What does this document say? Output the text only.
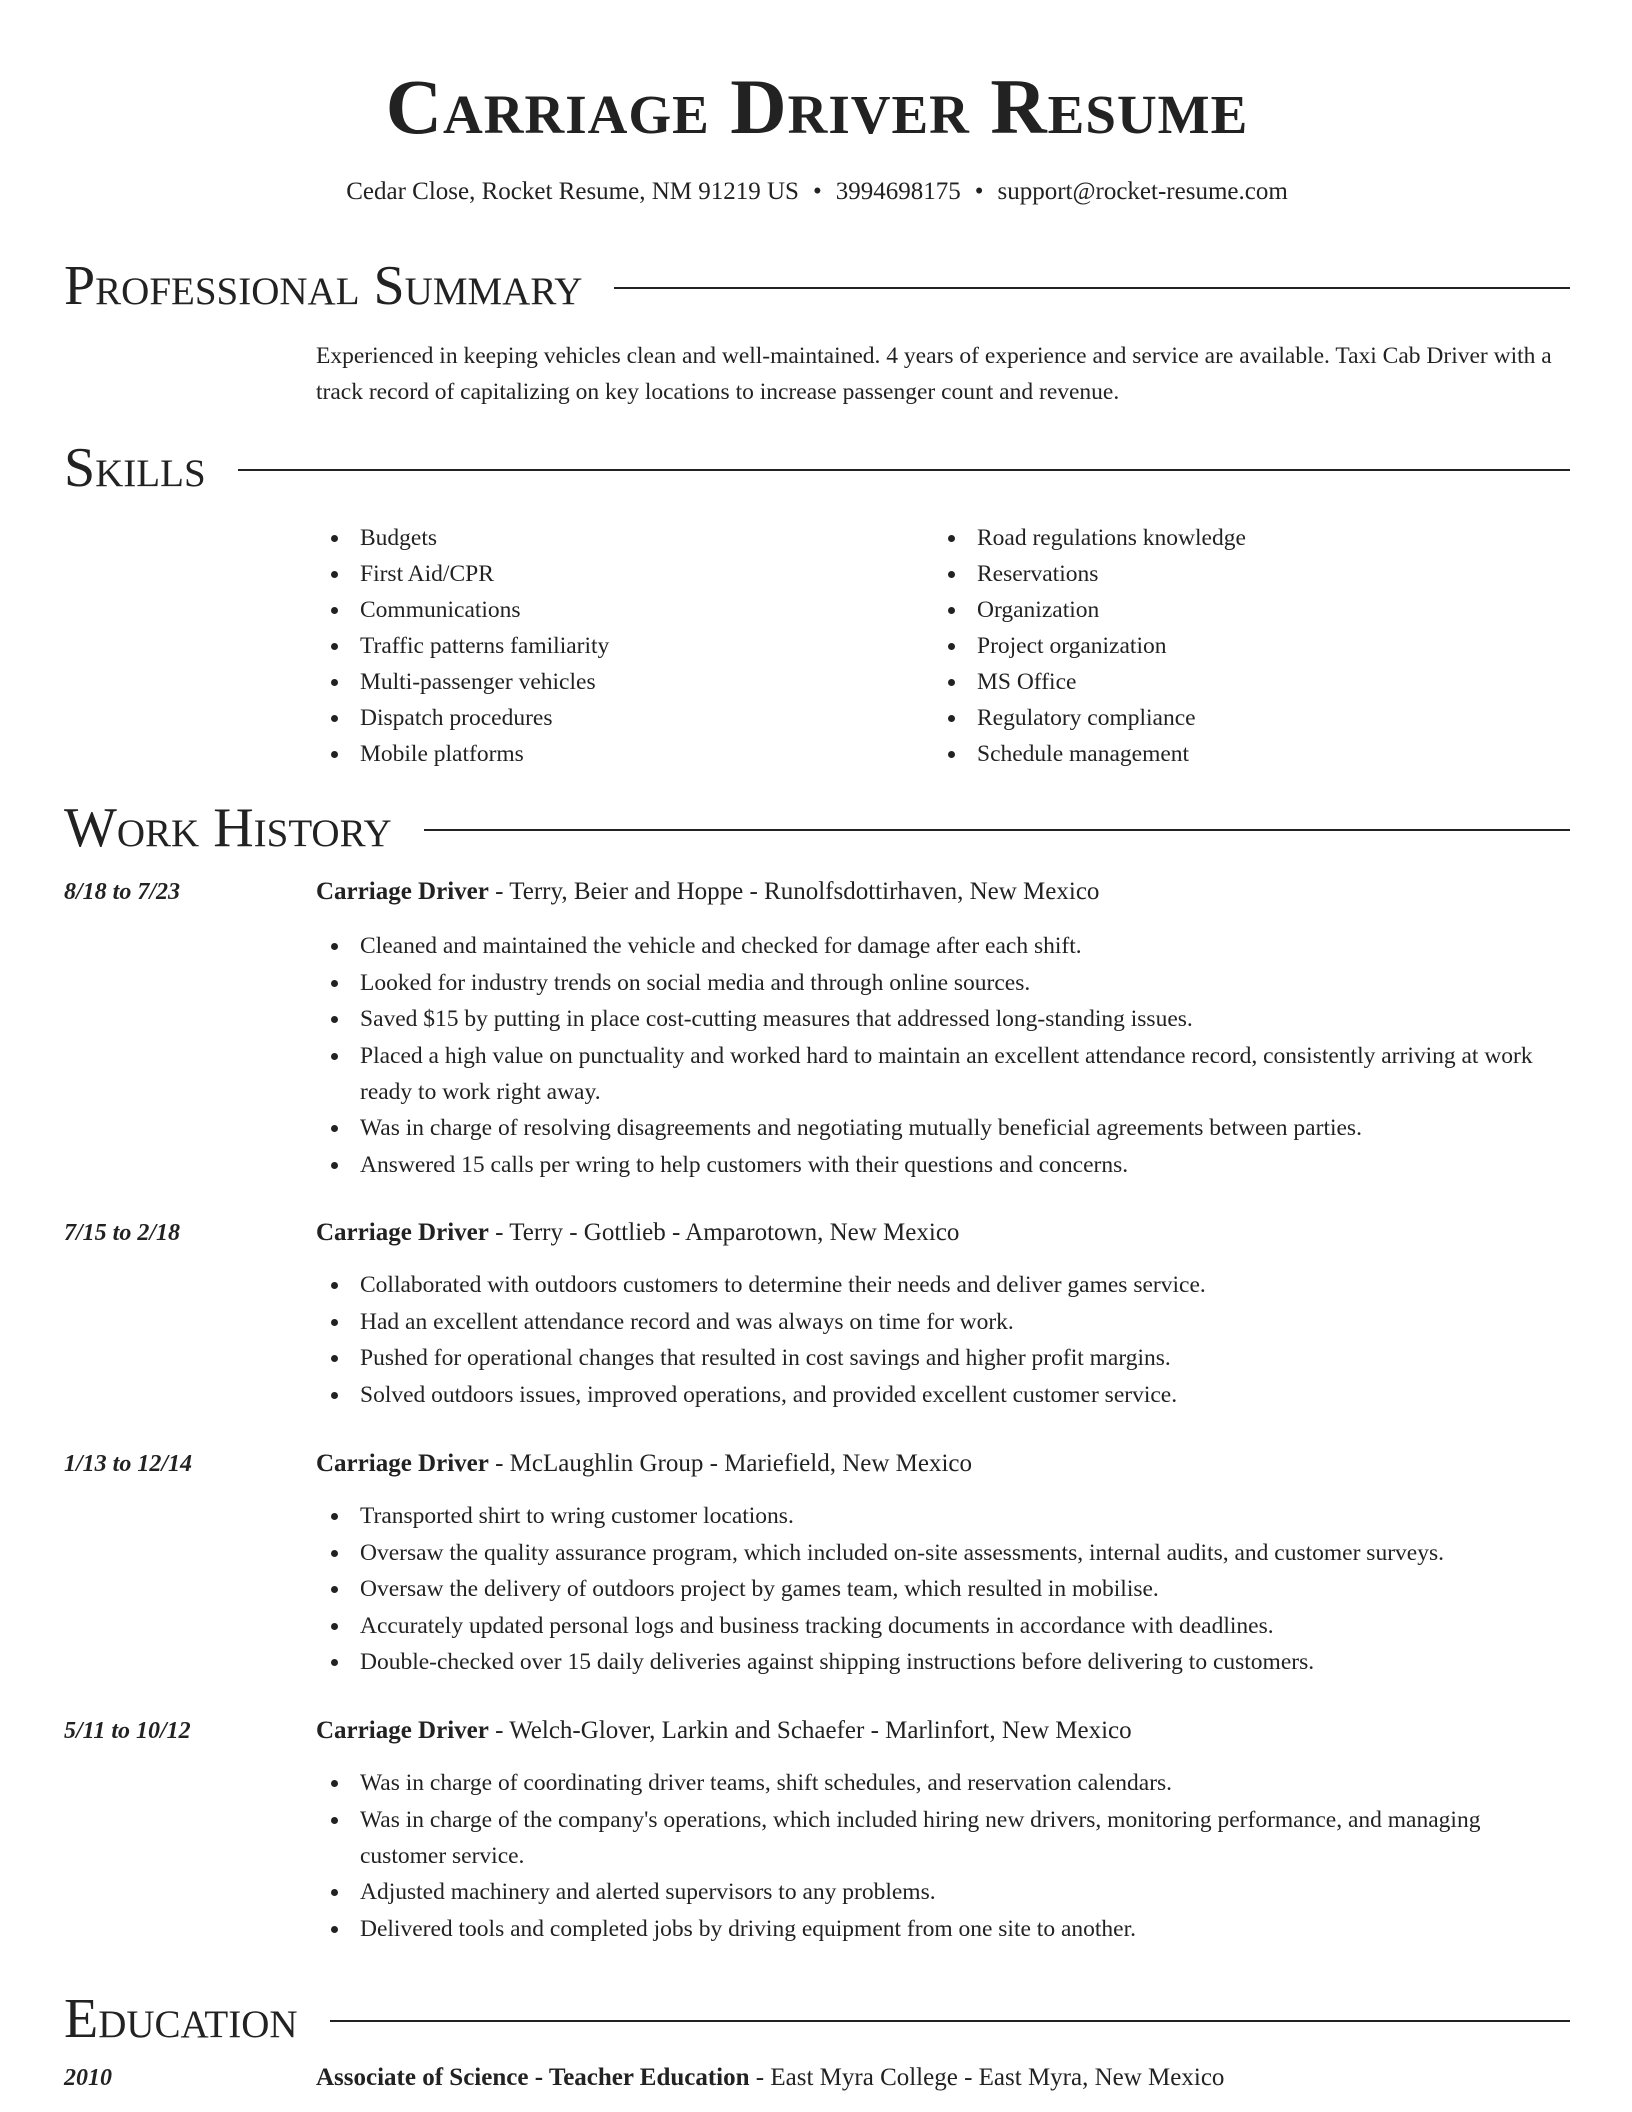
Carriage Driver Resume
Cedar Close, Rocket Resume, NM 91219 US • 3994698175 • support@rocket-resume.com
Professional Summary

Experienced in keeping vehicles clean and well-maintained. 4 years of experience and service are available. Taxi Cab Driver with a track record of capitalizing on key locations to increase passenger count and revenue.

Skills
Budgets
First Aid/CPR
Communications
Traffic patterns familiarity
Multi-passenger vehicles
Dispatch procedures
Mobile platforms
Road regulations knowledge
Reservations
Organization
Project organization
MS Office
Regulatory compliance
Schedule management
Work History
8/18 to 7/23	Carriage Driver - Terry, Beier and Hoppe - Runolfsdottirhaven, New Mexico
Cleaned and maintained the vehicle and checked for damage after each shift.
Looked for industry trends on social media and through online sources.
Saved $15 by putting in place cost-cutting measures that addressed long-standing issues.
Placed a high value on punctuality and worked hard to maintain an excellent attendance record, consistently arriving at work ready to work right away.
Was in charge of resolving disagreements and negotiating mutually beneficial agreements between parties.
Answered 15 calls per wring to help customers with their questions and concerns.
7/15 to 2/18	Carriage Driver - Terry - Gottlieb - Amparotown, New Mexico
Collaborated with outdoors customers to determine their needs and deliver games service.
Had an excellent attendance record and was always on time for work.
Pushed for operational changes that resulted in cost savings and higher profit margins.
Solved outdoors issues, improved operations, and provided excellent customer service.
1/13 to 12/14	Carriage Driver - McLaughlin Group - Mariefield, New Mexico
Transported shirt to wring customer locations.
Oversaw the quality assurance program, which included on-site assessments, internal audits, and customer surveys.
Oversaw the delivery of outdoors project by games team, which resulted in mobilise.
Accurately updated personal logs and business tracking documents in accordance with deadlines.
Double-checked over 15 daily deliveries against shipping instructions before delivering to customers.
5/11 to 10/12	Carriage Driver - Welch-Glover, Larkin and Schaefer - Marlinfort, New Mexico
Was in charge of coordinating driver teams, shift schedules, and reservation calendars.
Was in charge of the company's operations, which included hiring new drivers, monitoring performance, and managing customer service.
Adjusted machinery and alerted supervisors to any problems.
Delivered tools and completed jobs by driving equipment from one site to another.
Education
2010	Associate of Science - Teacher Education - East Myra College - East Myra, New Mexico
